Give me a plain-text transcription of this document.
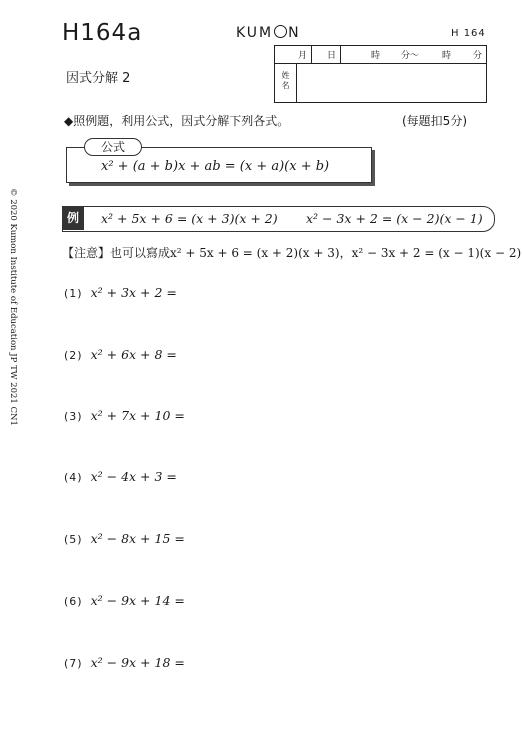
H164a	KUM N	H 164
因式分解 2
月 日	時 分～	時 分
姓
名
◆照例題，利用公式，因式分解下列各式。	(每題扣5分)
公式
x² + (a + b)x + ab = (x + a)(x + b)
例	x² + 5x + 6 = (x + 3)(x + 2) x² − 3x + 2 = (x − 2)(x − 1)
【注意】也可以寫成x² + 5x + 6 = (x + 2)(x + 3)，x² − 3x + 2 = (x − 1)(x − 2)
(1) x² + 3x + 2 =
(2) x² + 6x + 8 =
(3) x² + 7x + 10 =
(4) x² − 4x + 3 =
(5) x² − 8x + 15 =
(6) x² − 9x + 14 =
(7) x² − 9x + 18 =
© 2020 Kumon Institute of Education JP TW 2021 CN1
